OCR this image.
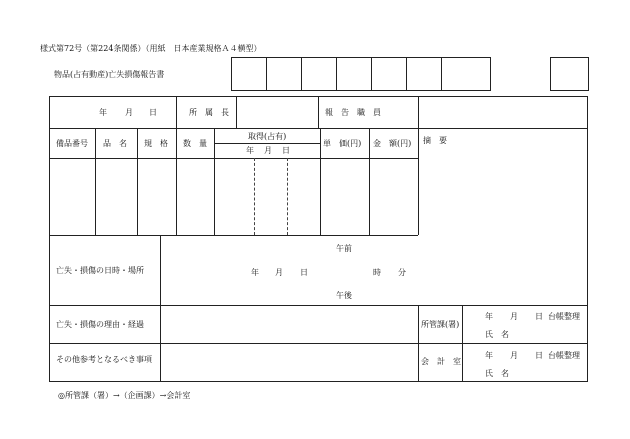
様式第72号（第224条関係）（用紙　日本産業規格Ａ４横型）
物品(占有動産)亡失損傷報告書
年 月 日	所　属　長	報　告　職　員
備品番号 品　名 規　格 数　量
取得(占有)
年 月 日
単　価(円) 金　額(円) 摘　要
亡失・損傷の日時・場所
午前
年 月 日	時 分
午後
亡失・損傷の理由・経過	所管課(署)
年 月 日 台帳整理
氏　名
その他参考となるべき事項	会　計　室
年 月 日 台帳整理
氏　名
◎所管課（署）→（企画課）→会計室
